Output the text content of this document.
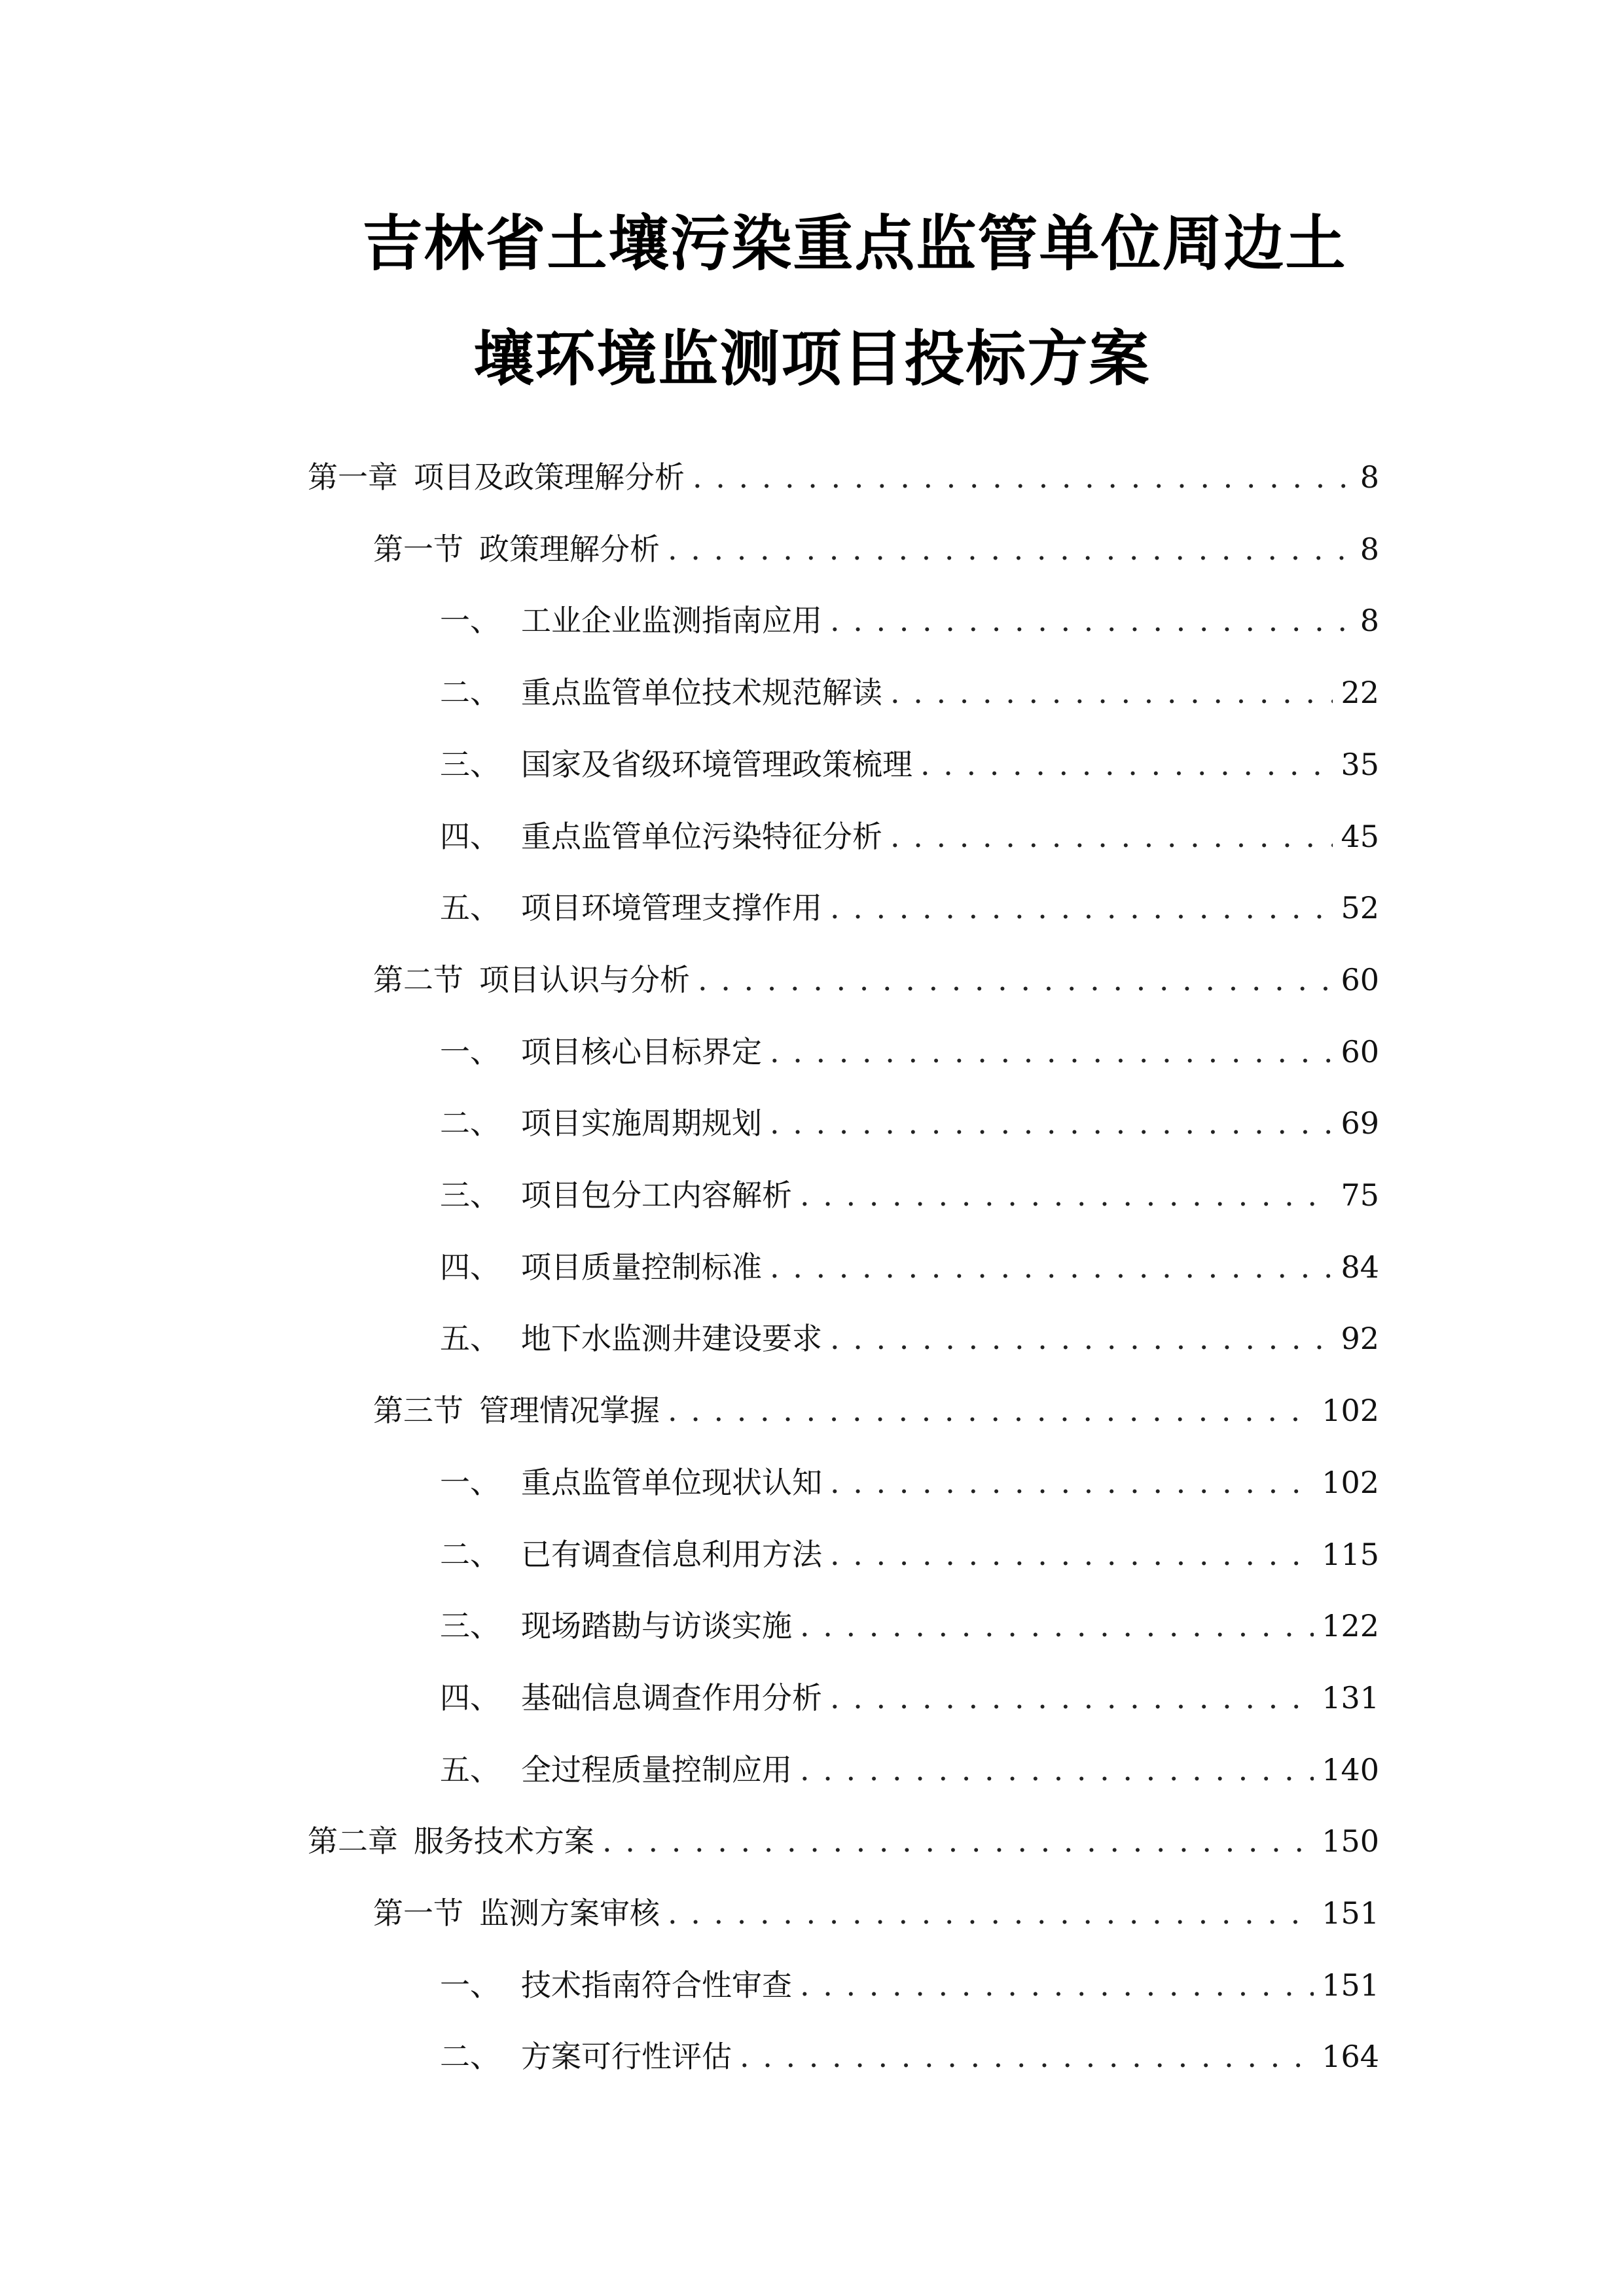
吉林省土壤污染重点监管单位周边土
壤环境监测项目投标方案
第一章 项目及政策理解分析 . . .	8
第一节 政策理解分析 . . .	8
一、 工业企业监测指南应用 . . .	8
二、 重点监管单位技术规范解读 . . .	22
三、 国家及省级环境管理政策梳理 . . .	35
四、 重点监管单位污染特征分析 . . .	45
五、 项目环境管理支撑作用 . . .	52
第二节 项目认识与分析 . . .	60
一、 项目核心目标界定 . . .	60
二、 项目实施周期规划 . . .	69
三、 项目包分工内容解析 . . .	75
四、 项目质量控制标准 . . .	84
五、 地下水监测井建设要求 . . .	92
第三节 管理情况掌握 . . .	102
一、 重点监管单位现状认知 . . .	102
二、 已有调查信息利用方法 . . .	115
三、 现场踏勘与访谈实施 . . .	122
四、 基础信息调查作用分析 . . .	131
五、 全过程质量控制应用 . . .	140
第二章 服务技术方案 . . .	150
第一节 监测方案审核 . . .	151
一、 技术指南符合性审查 . . .	151
二、 方案可行性评估 . . .	164
